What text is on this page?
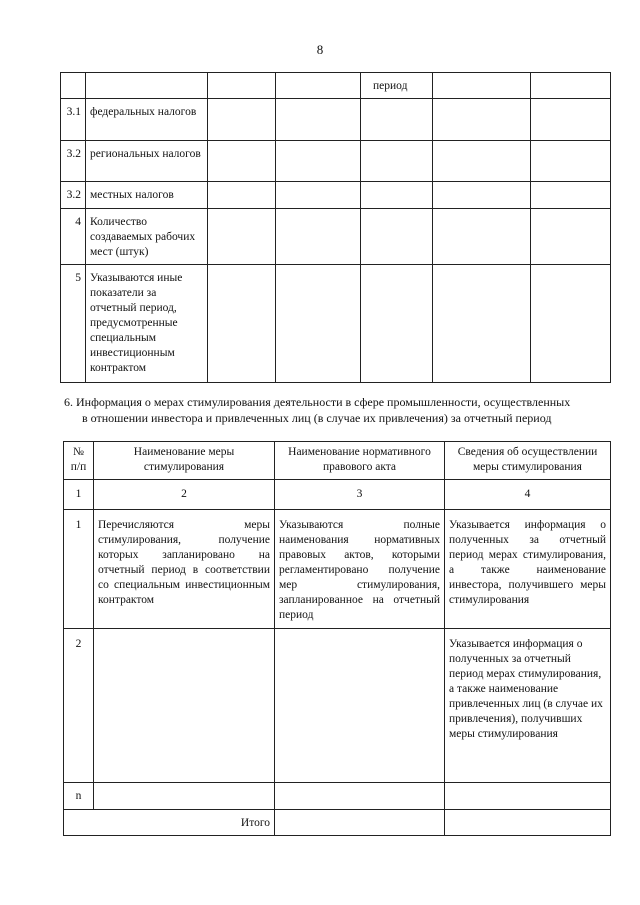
8
				период		
3.1	федеральных налогов					
3.2	региональных налогов					
3.2	местных налогов					
4	Количество создаваемых рабочих мест (штук)					
5	Указываются иные показатели за отчетный период, предусмотренные специальным инвестиционным контрактом					
6. Информация о мерах стимулирования деятельности в сфере промышленности, осуществленных
в отношении инвестора и привлеченных лиц (в случае их привлечения) за отчетный период
№ п/п	Наименование меры стимулирования	Наименование нормативного правового акта	Сведения об осуществлении меры стимулирования
1	2	3	4
1	Перечисляются меры стимулирования, получение которых запланировано на отчетный период в соответствии со специальным инвестиционным контрактом	Указываются полные наименования нормативных правовых актов, которыми регламентировано получение мер стимулирования, запланированное на отчетный период	Указывается информация о полученных за отчетный период мерах стимулирования, а также наименование инвестора, получившего меры стимулирования
2			Указывается информация о полученных за отчетный период мерах стимулирования, а также наименование привлеченных лиц (в случае их привлечения), получивших меры стимулирования
n			
Итого			
